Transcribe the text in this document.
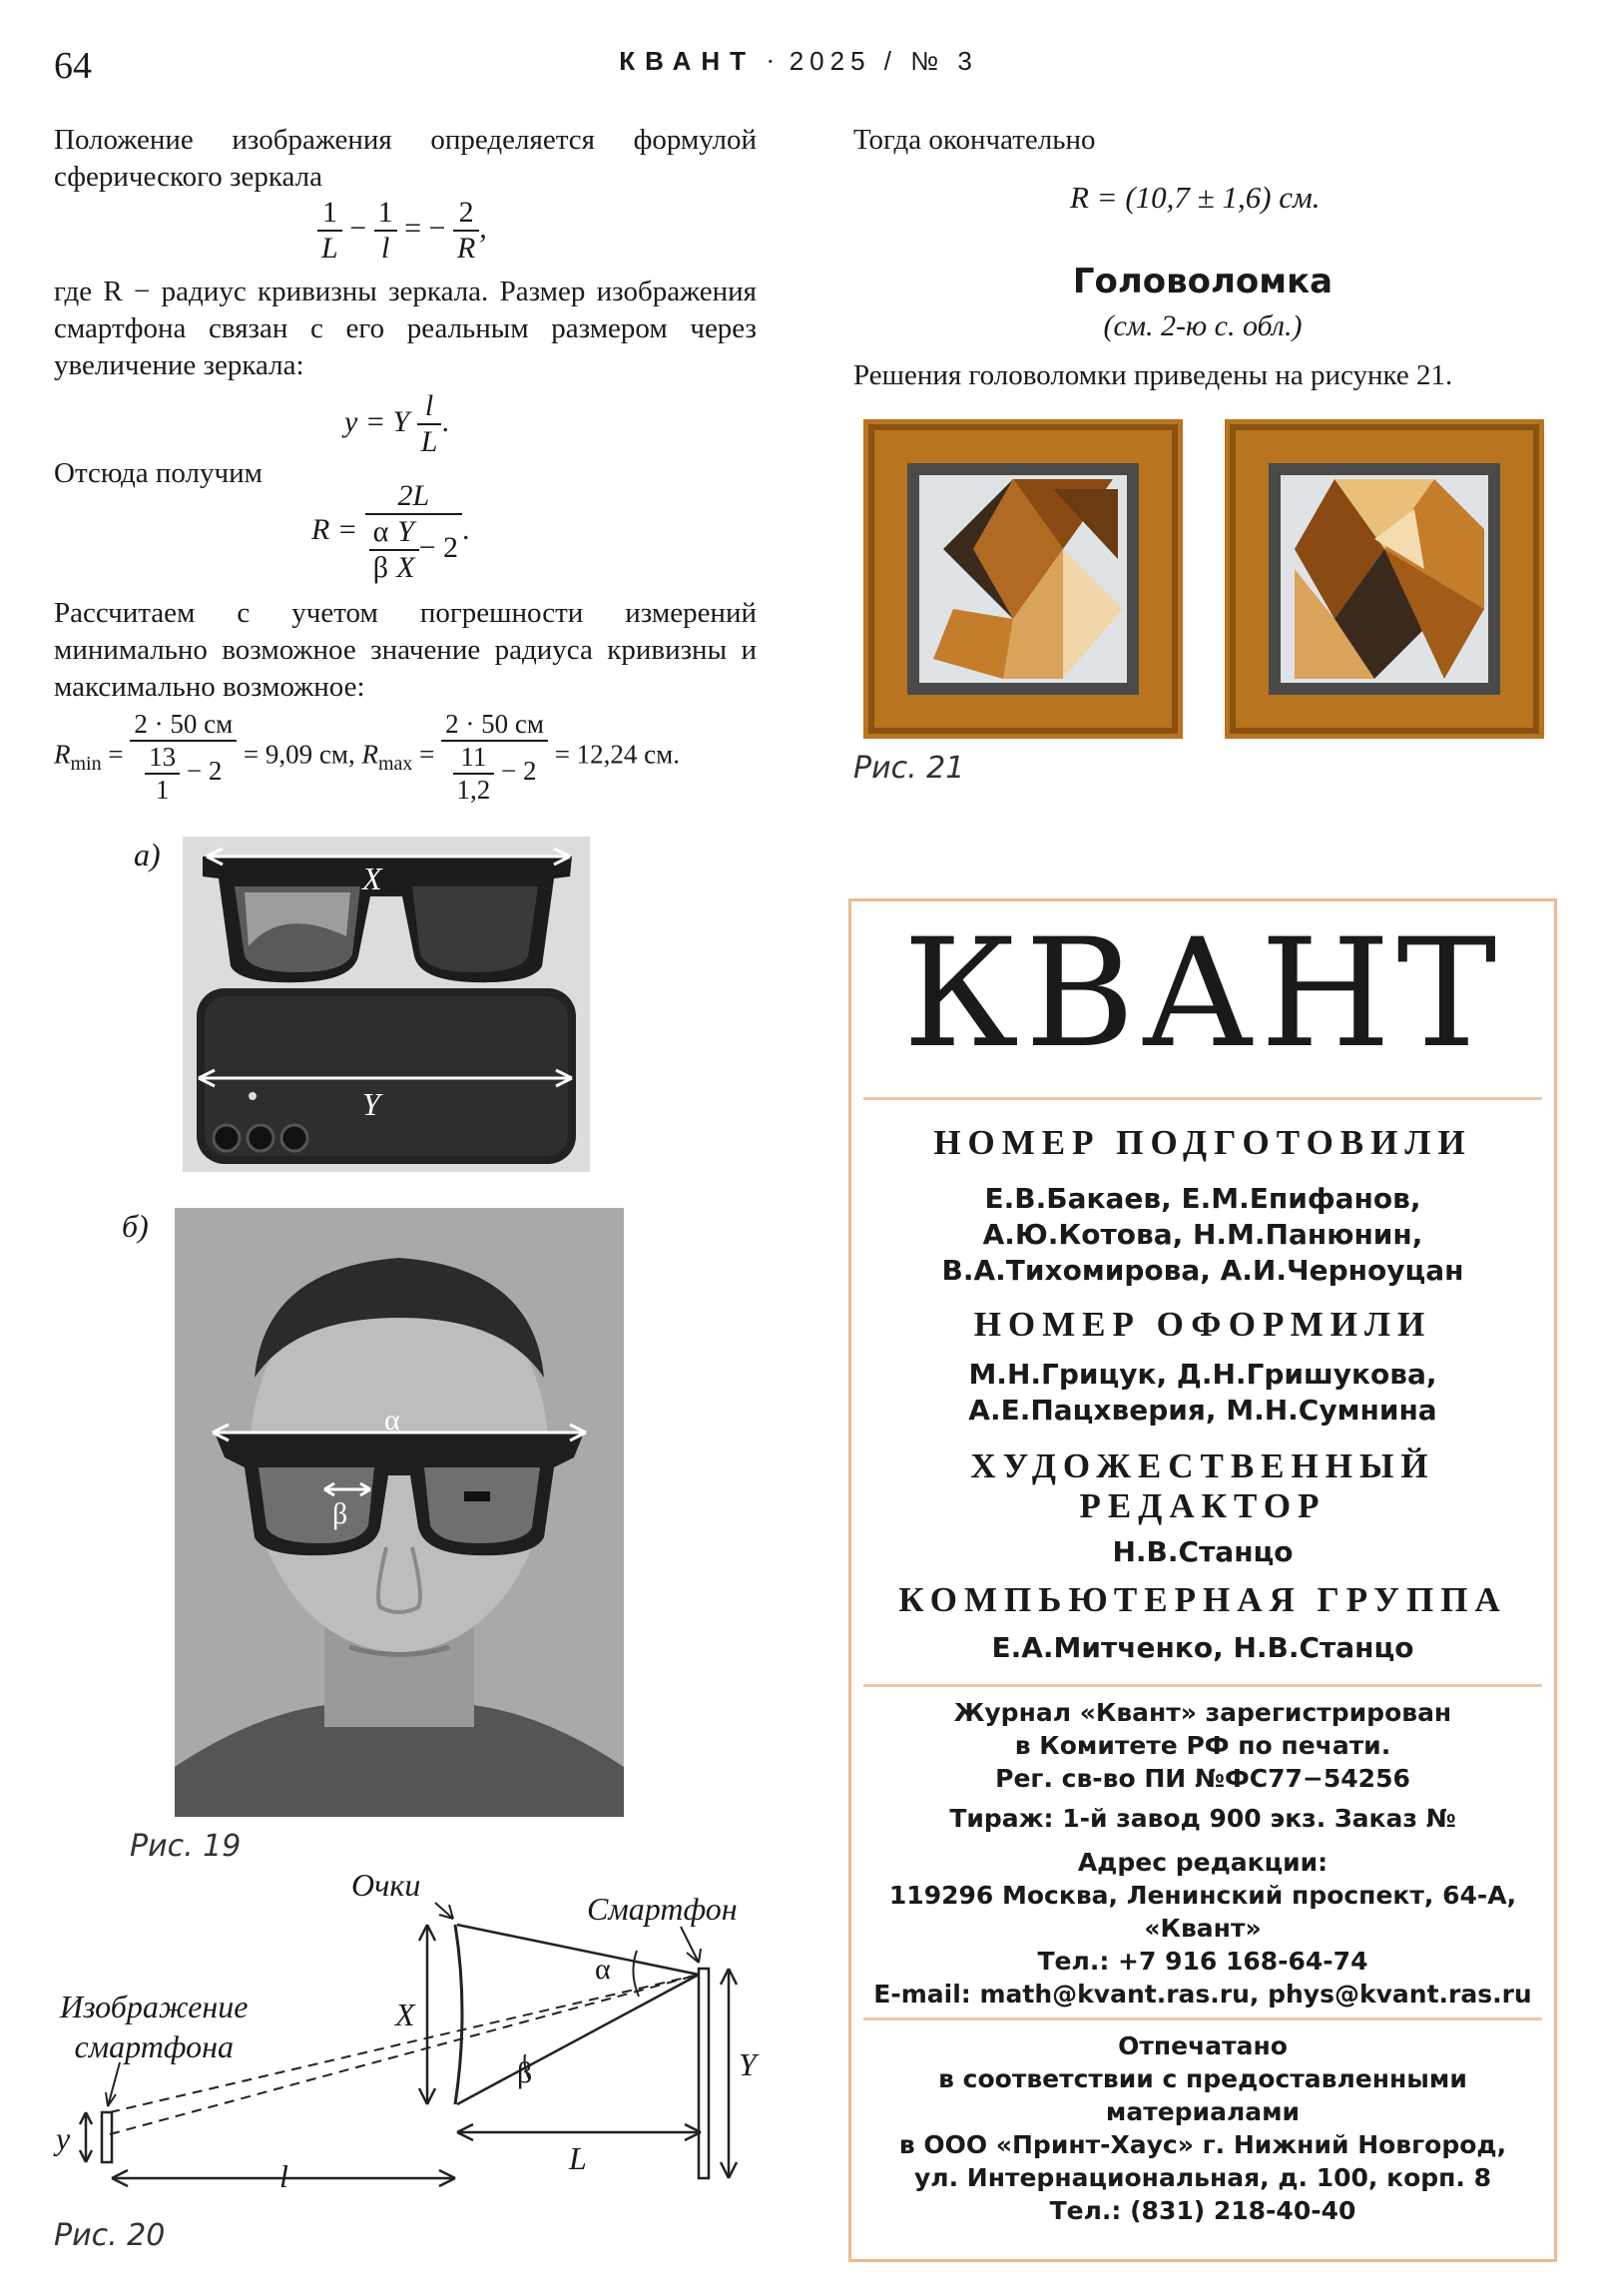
64	КВАНТ · 2025 / № 3
Положение изображения определяется формулой сферического зеркала
$\frac{1}{L} - \frac{1}{l}$ = − $\frac{2}{R}$ ,
где R − радиус кривизны зеркала. Размер изображения смартфона связан с его реальным размером через увеличение зеркала:
y = Y $\frac{l}{L}$ .
Отсюда получим
$R = \frac{2L}{\frac{\alpha}{\beta} \frac{Y}{X} - 2}$ .
Рассчитаем с учетом погрешности измерений минимально возможное значение радиуса кривизны и максимально возможное:
$R_{min} = \frac{2 \cdot 50 см}{\frac{13}{1} - 2} = 9,09$ см, $R_{max} = \frac{2 \cdot 50 см}{\frac{11}{1,2} - 2} = 12,24$ см.
а)
X
Y
б)
α
β
Рис. 19
Очки
Смартфон
Изображение
смартфона
X
Y
y
L
l
α
β
Рис. 20
Тогда окончательно
R = (10,7 ± 1,6) см.
Головоломка
(см. 2-ю с. обл.)
Решения головоломки приведены на рисунке 21.
Рис. 21
КВАНТ
НОМЕР ПОДГОТОВИЛИ
Е.В.Бакаев, Е.М.Епифанов,
А.Ю.Котова, Н.М.Панюнин,
В.А.Тихомирова, А.И.Черноуцан
НОМЕР ОФОРМИЛИ
М.Н.Грицук, Д.Н.Гришукова,
А.Е.Пацхверия, М.Н.Сумнина
ХУДОЖЕСТВЕННЫЙ
РЕДАКТОР
Н.В.Станцо
КОМПЬЮТЕРНАЯ ГРУППА
Е.А.Митченко, Н.В.Станцо
Журнал «Квант» зарегистрирован
в Комитете РФ по печати.
Рег. св-во ПИ №ФС77−54256
Тираж: 1-й завод 900 экз. Заказ №
Адрес редакции:
119296 Москва, Ленинский проспект, 64-А,
«Квант»
Тел.: +7 916 168-64-74
E-mail: math@kvant.ras.ru, phys@kvant.ras.ru
Отпечатано
в соответствии с предоставленными
материалами
в ООО «Принт-Хаус» г. Нижний Новгород,
ул. Интернациональная, д. 100, корп. 8
Тел.: (831) 218-40-40
